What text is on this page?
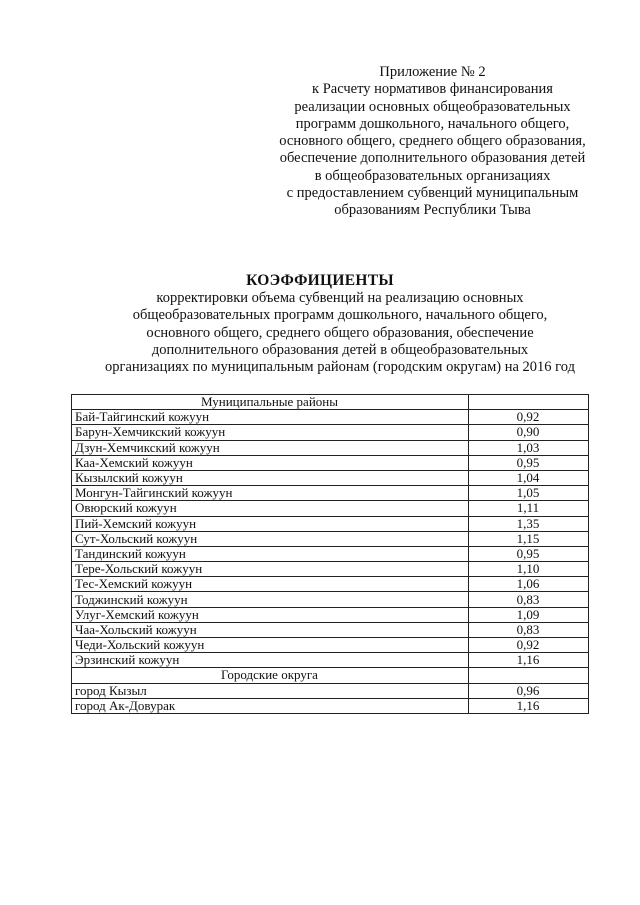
Приложение № 2
к Расчету нормативов финансирования
реализации основных общеобразовательных
программ дошкольного, начального общего,
основного общего, среднего общего образования,
обеспечение дополнительного образования детей
в общеобразовательных организациях
с предоставлением субвенций муниципальным
образованиям Республики Тыва
КОЭФФИЦИЕНТЫ
корректировки объема субвенций на реализацию основных
общеобразовательных программ дошкольного, начального общего,
основного общего, среднего общего образования, обеспечение
дополнительного образования детей в общеобразовательных
организациях по муниципальным районам (городским округам) на 2016 год
Муниципальные районы	
Бай-Тайгинский кожуун	0,92
Барун-Хемчикский кожуун	0,90
Дзун-Хемчикский кожуун	1,03
Каа-Хемский кожуун	0,95
Кызылский кожуун	1,04
Монгун-Тайгинский кожуун	1,05
Овюрский кожуун	1,11
Пий-Хемский кожуун	1,35
Сут-Хольский кожуун	1,15
Тандинский кожуун	0,95
Тере-Хольский кожуун	1,10
Тес-Хемский кожуун	1,06
Тоджинский кожуун	0,83
Улуг-Хемский кожуун	1,09
Чаа-Хольский кожуун	0,83
Чеди-Хольский кожуун	0,92
Эрзинский кожуун	1,16
Городские округа	
город Кызыл	0,96
город Ак-Довурак	1,16
